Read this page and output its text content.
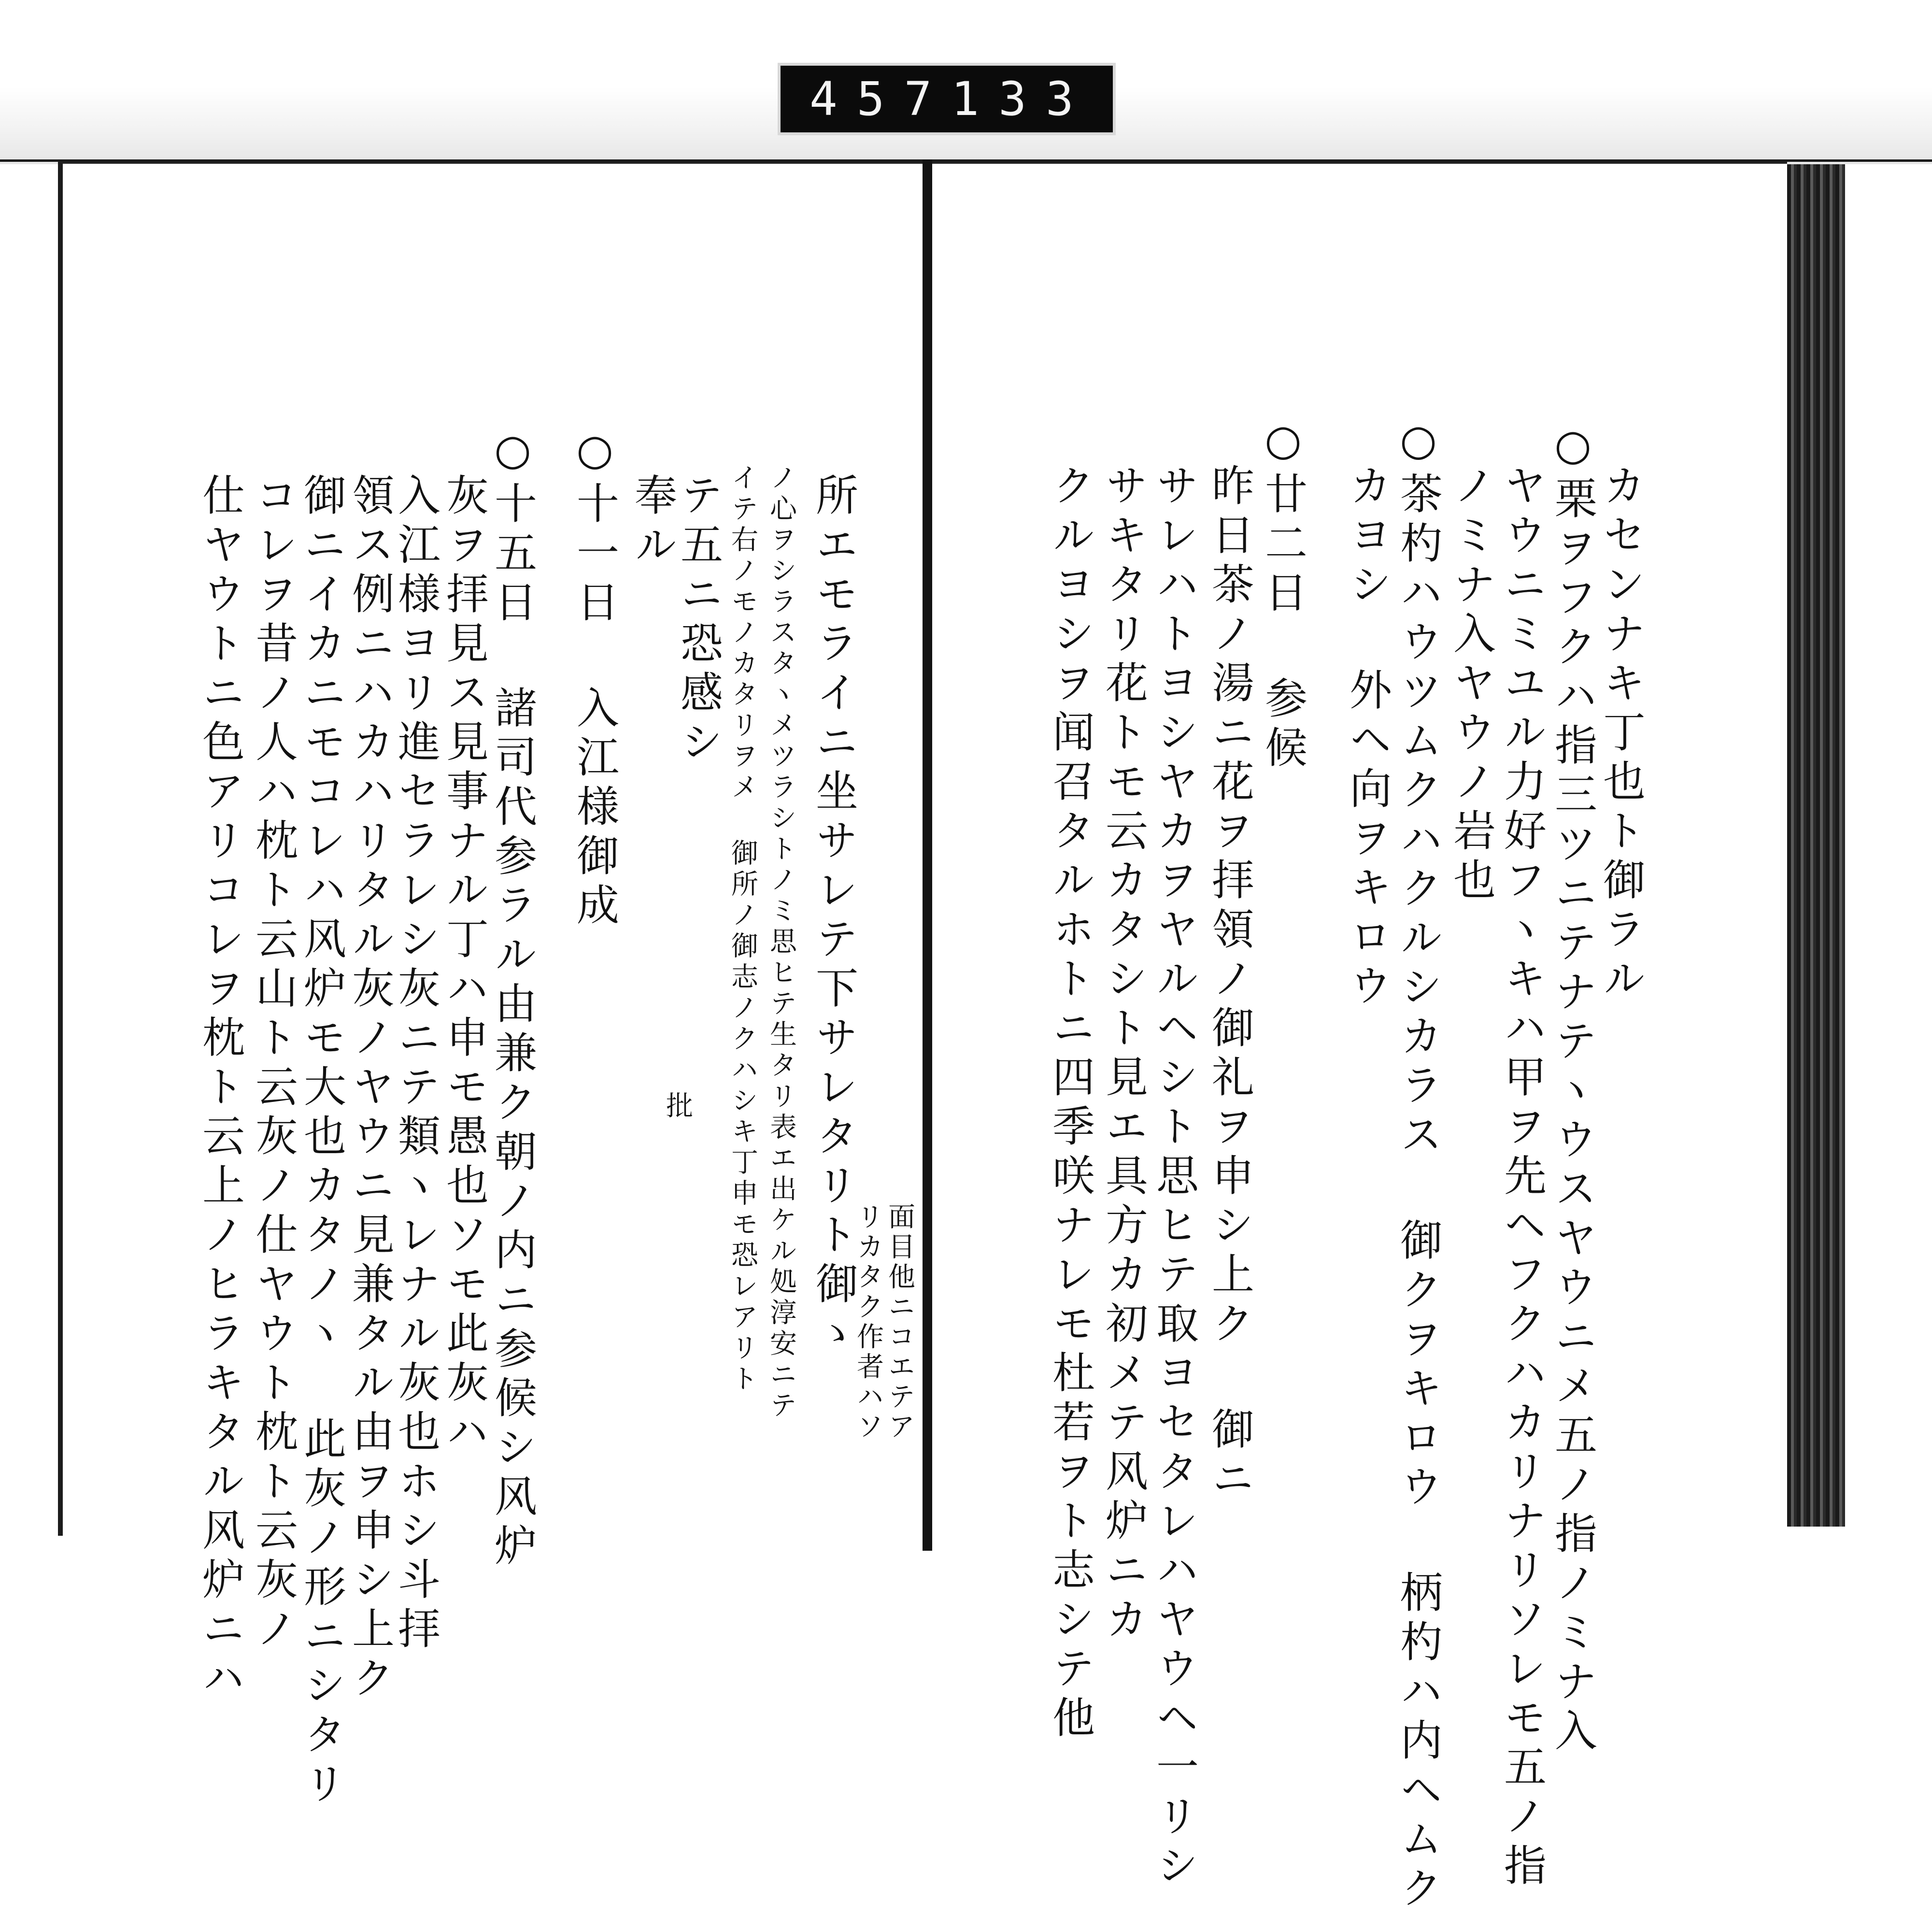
457 133
所エモライニ坐サレテ下サレタリト御ゝ
ノ心ヲシラスタヽメツラシトノミ思ヒテ生タリ表エ出ケル処淳安ニテ
イテ右ノモノカタリヲメ 御所ノ御志ノクハシキ丁申モ恐レアリト
テ五ニ恐感シ
奉ル
○十一日 入江様御成
○十五日 諸司代参ラル由兼ク朝ノ内ニ参候シ风炉
灰ヲ拝見ス見事ナル丁ハ申モ愚也ソモ此灰ハ
入江様ヨリ進セラレシ灰ニテ類ヽレナル灰也ホシ斗拝
領ス例ニハカハリタル灰ノヤウニ見兼タル由ヲ申シ上ク
御ニイカニモコレハ风炉モ大也カタノヽ 此灰ノ形ニシタリ
コレヲ昔ノ人ハ枕ト云山ト云灰ノ仕ヤウト枕ト云灰ノ
仕ヤウトニ色アリコレヲ枕ト云上ノヒラキタル风炉ニハ	面目他ニコエテア
リカタク作者ハソ
批
カセンナキ丁也ト御ラル
○栗ヲフクハ指三ツニテナテヽウスヤウニメ五ノ指ノミナ入
ヤウニミユル力好フヽキハ甲ヲ先ヘフクハカリナリソレモ五ノ指
ノミナ入ヤウノ岩也
○茶杓ハウツムクハクルシカラス 御クヲキロウ 柄杓ハ内ヘムク
カヨシ 外ヘ向ヲキロウ
○廿二日 参候
昨日茶ノ湯ニ花ヲ拝領ノ御礼ヲ申シ上ク 御ニ
サレハトヨシヤカヲヤルヘシト思ヒテ取ヨセタレハヤウヘ一リシ
サキタリ花トモ云カタシト見エ具方カ初メテ风炉ニカ
クルヨシヲ闻召タルホトニ四季咲ナレモ杜若ヲト志シテ他
